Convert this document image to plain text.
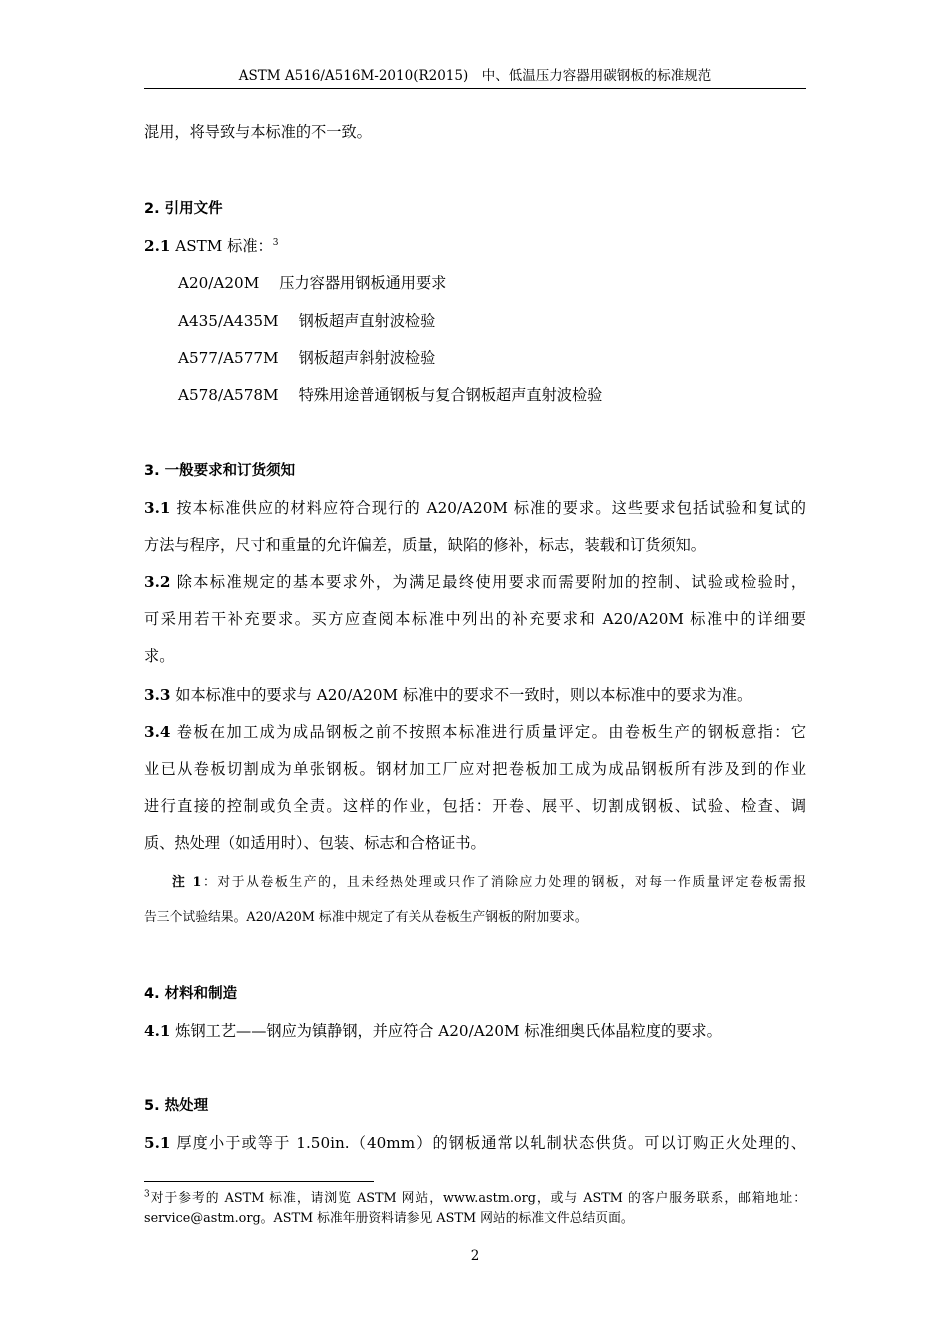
ASTM A516/A516M-2010(R2015)　中、低温压力容器用碳钢板的标准规范
混用，将导致与本标准的不一致。
2. 引用文件
2.1 ASTM 标准：$^3$
A20/A20M 压力容器用钢板通用要求
A435/A435M 钢板超声直射波检验
A577/A577M 钢板超声斜射波检验
A578/A578M 特殊用途普通钢板与复合钢板超声直射波检验
3. 一般要求和订货须知
3.1 按本标准供应的材料应符合现行的 A20/A20M 标准的要求。这些要求包括试验和复试的
方法与程序，尺寸和重量的允许偏差，质量，缺陷的修补，标志，装载和订货须知。
3.2 除本标准规定的基本要求外，为满足最终使用要求而需要附加的控制、试验或检验时，
可采用若干补充要求。买方应查阅本标准中列出的补充要求和 A20/A20M 标准中的详细要
求。
3.3 如本标准中的要求与 A20/A20M 标准中的要求不一致时，则以本标准中的要求为准。
3.4 卷板在加工成为成品钢板之前不按照本标准进行质量评定。由卷板生产的钢板意指：它
业已从卷板切割成为单张钢板。钢材加工厂应对把卷板加工成为成品钢板所有涉及到的作业
进行直接的控制或负全责。这样的作业，包括：开卷、展平、切割成钢板、试验、检查、调
质、热处理（如适用时）、包装、标志和合格证书。
注 1：对于从卷板生产的，且未经热处理或只作了消除应力处理的钢板，对每一作质量评定卷板需报
告三个试验结果。A20/A20M 标准中规定了有关从卷板生产钢板的附加要求。
4. 材料和制造
4.1 炼钢工艺——钢应为镇静钢，并应符合 A20/A20M 标准细奥氏体晶粒度的要求。
5. 热处理
5.1 厚度小于或等于 1.50in.（40mm）的钢板通常以轧制状态供货。可以订购正火处理的、
$^3$对于参考的 ASTM 标准，请浏览 ASTM 网站，www.astm.org，或与 ASTM 的客户服务联系，邮箱地址：
service@astm.org。ASTM 标准年册资料请参见 ASTM 网站的标准文件总结页面。
2
